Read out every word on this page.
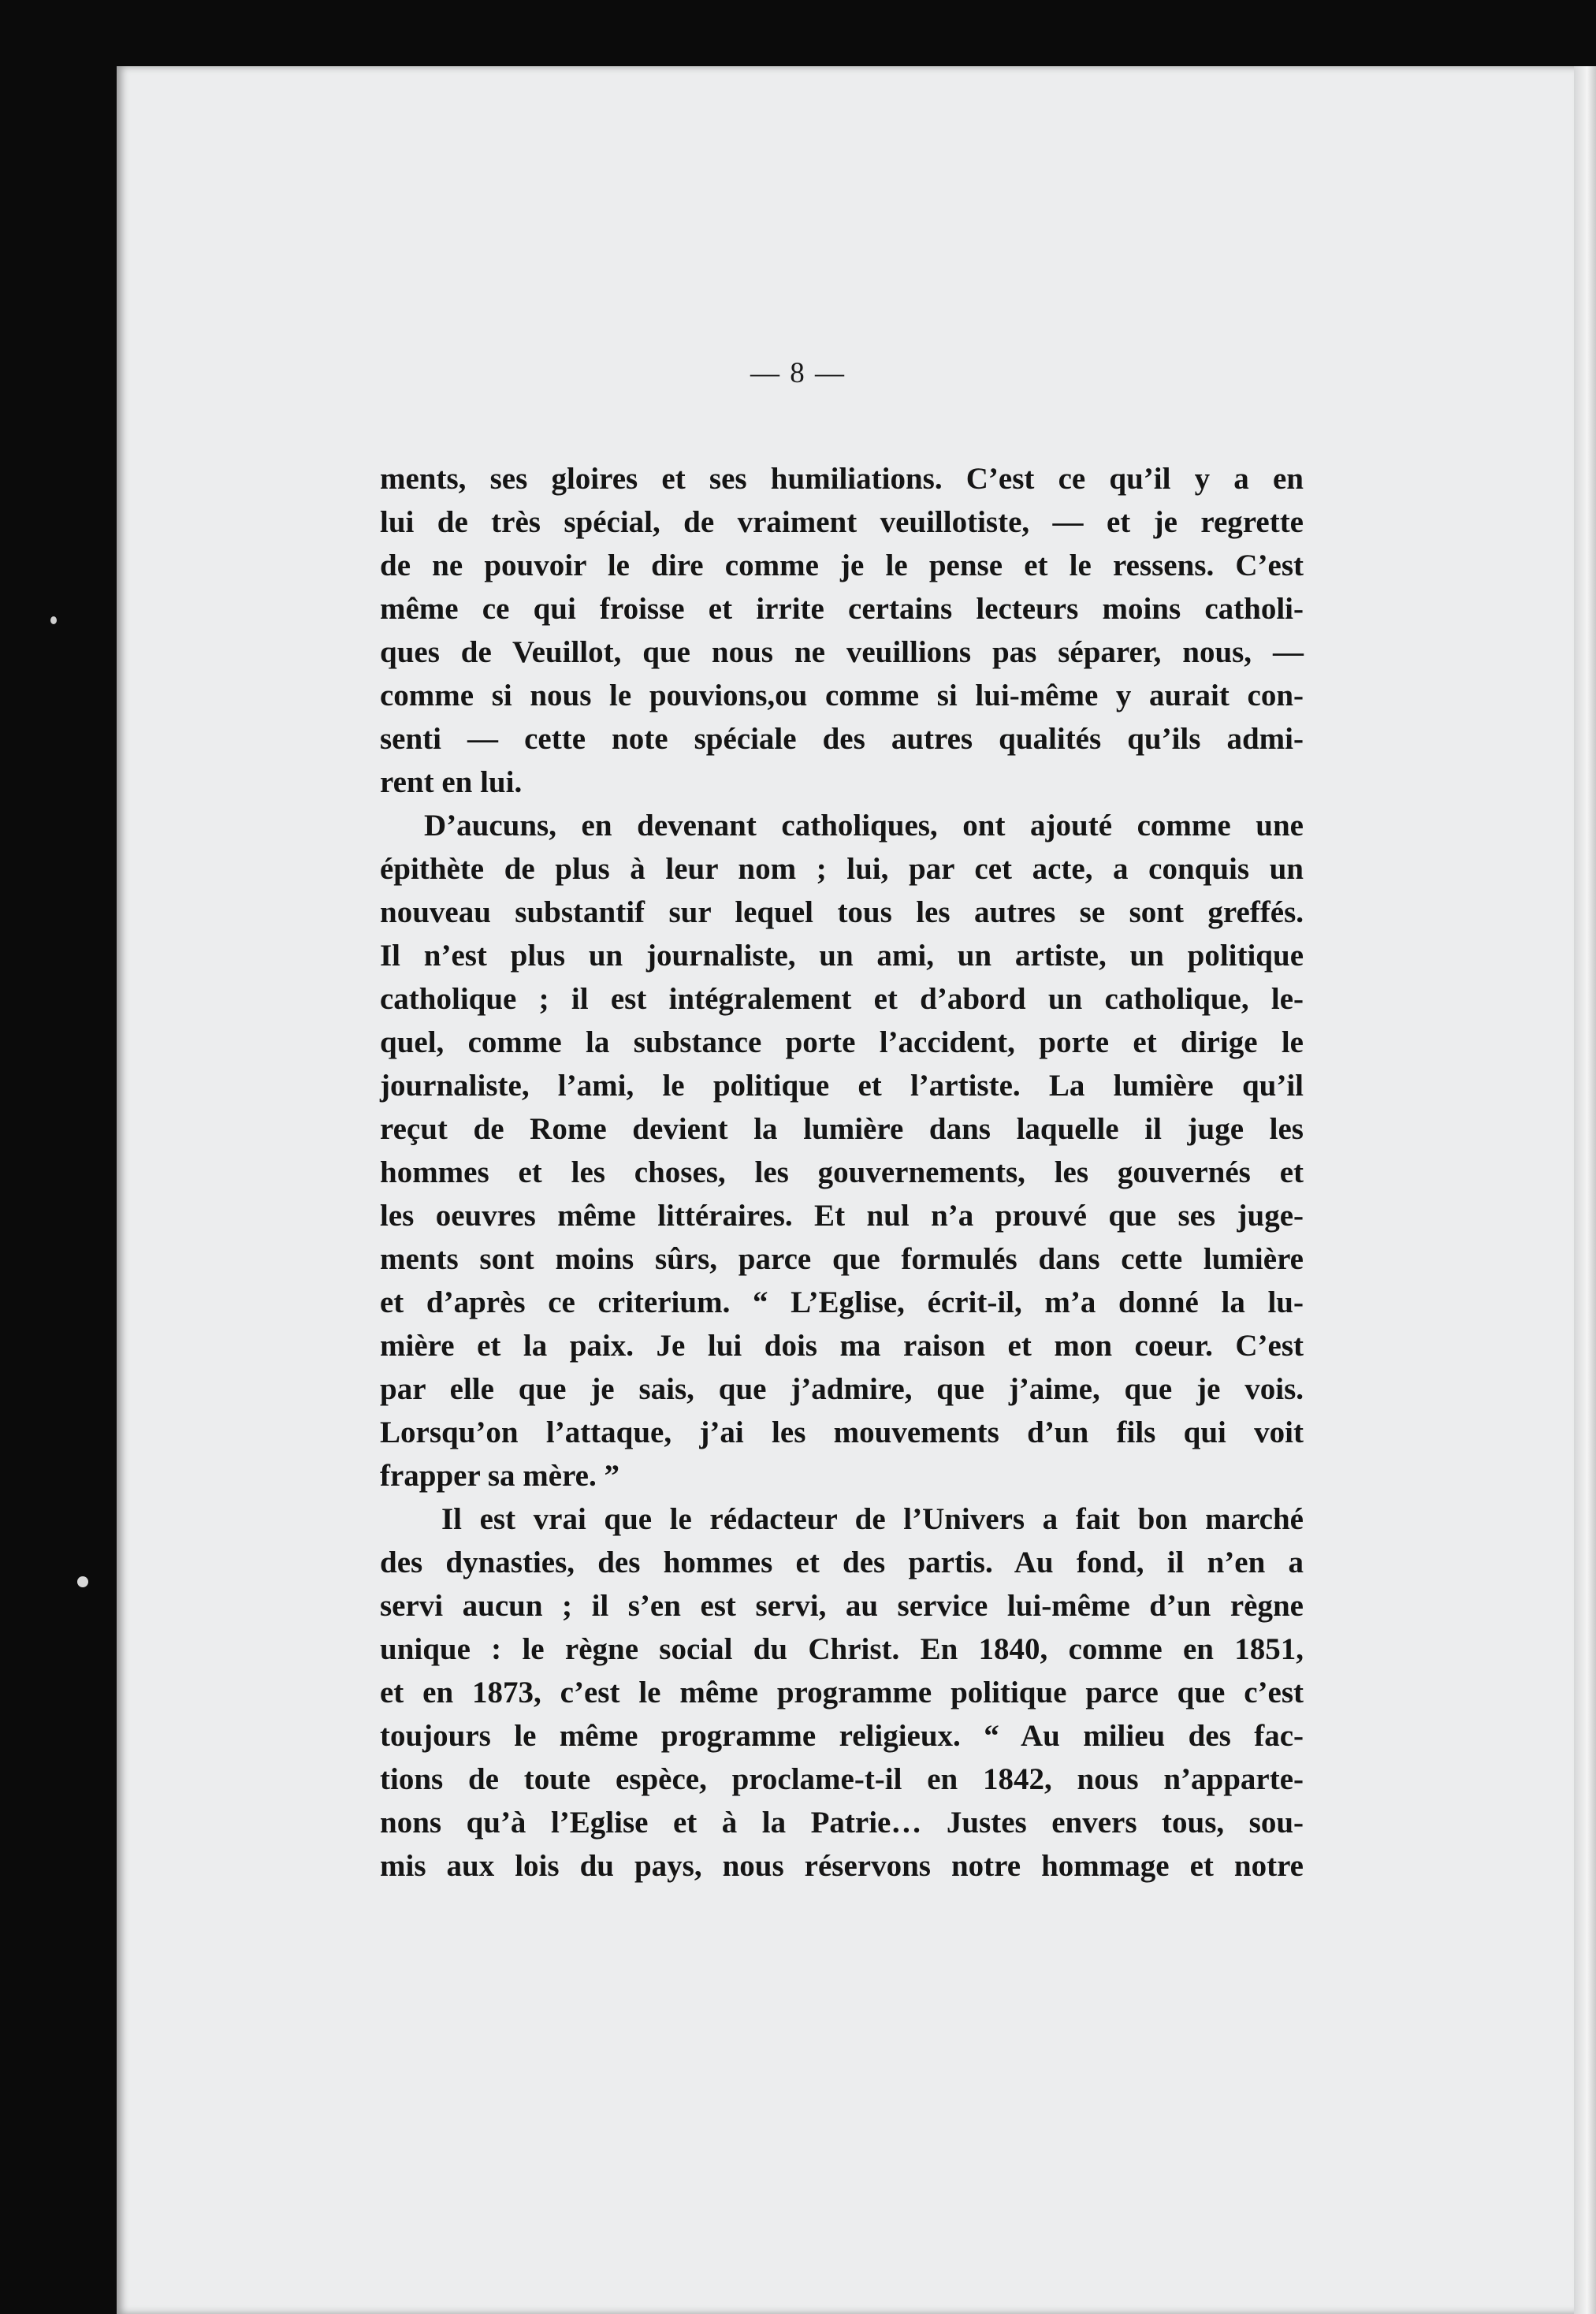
— 8 —
ments, ses gloires et ses humiliations. C’est ce qu’il y a en
lui de très spécial, de vraiment veuillotiste, — et je regrette
de ne pouvoir le dire comme je le pense et le ressens. C’est
même ce qui froisse et irrite certains lecteurs moins catholi-
ques de Veuillot, que nous ne veuillions pas séparer, nous, —
comme si nous le pouvions,ou comme si lui-même y aurait con-
senti — cette note spéciale des autres qualités qu’ils admi-
rent en lui.
D’aucuns, en devenant catholiques, ont ajouté comme une
épithète de plus à leur nom ; lui, par cet acte, a conquis un
nouveau substantif sur lequel tous les autres se sont greffés.
Il n’est plus un journaliste, un ami, un artiste, un politique
catholique ; il est intégralement et d’abord un catholique, le-
quel, comme la substance porte l’accident, porte et dirige le
journaliste, l’ami, le politique et l’artiste. La lumière qu’il
reçut de Rome devient la lumière dans laquelle il juge les
hommes et les choses, les gouvernements, les gouvernés et
les oeuvres même littéraires. Et nul n’a prouvé que ses juge-
ments sont moins sûrs, parce que formulés dans cette lumière
et d’après ce criterium. “ L’Eglise, écrit-il, m’a donné la lu-
mière et la paix. Je lui dois ma raison et mon coeur. C’est
par elle que je sais, que j’admire, que j’aime, que je vois.
Lorsqu’on l’attaque, j’ai les mouvements d’un fils qui voit
frapper sa mère. ”
Il est vrai que le rédacteur de l’Univers a fait bon marché
des dynasties, des hommes et des partis. Au fond, il n’en a
servi aucun ; il s’en est servi, au service lui-même d’un règne
unique : le règne social du Christ. En 1840, comme en 1851,
et en 1873, c’est le même programme politique parce que c’est
toujours le même programme religieux. “ Au milieu des fac-
tions de toute espèce, proclame-t-il en 1842, nous n’apparte-
nons qu’à l’Eglise et à la Patrie… Justes envers tous, sou-
mis aux lois du pays, nous réservons notre hommage et notre
